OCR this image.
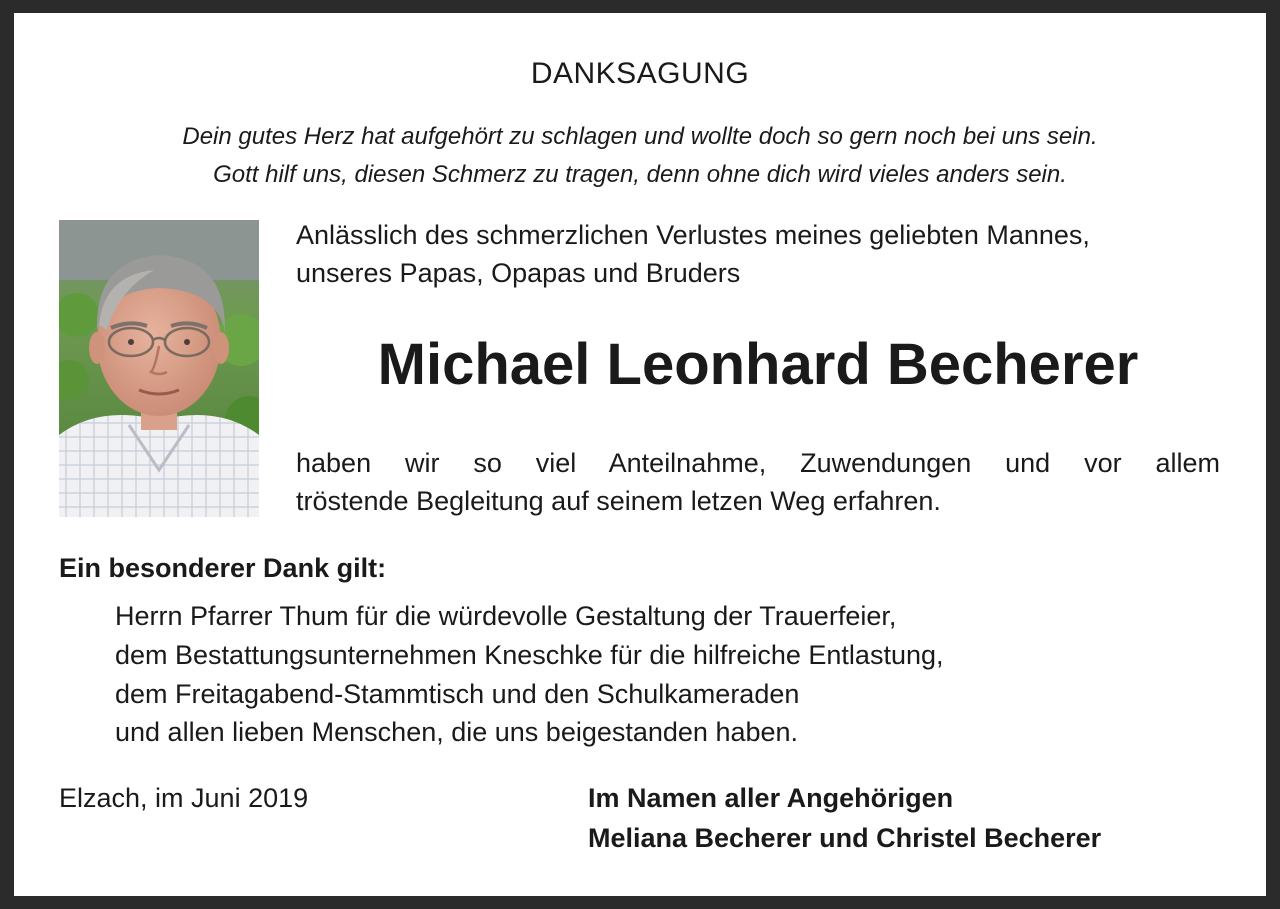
DANKSAGUNG
Dein gutes Herz hat aufgehört zu schlagen und wollte doch so gern noch bei uns sein.
Gott hilf uns, diesen Schmerz zu tragen, denn ohne dich wird vieles anders sein.
Anlässlich des schmerzlichen Verlustes meines geliebten Mannes,
unseres Papas, Opapas und Bruders
Michael Leonhard Becherer
haben wir so viel Anteilnahme, Zuwendungen und vor allem
tröstende Begleitung auf seinem letzen Weg erfahren.
Ein besonderer Dank gilt:
Herrn Pfarrer Thum für die würdevolle Gestaltung der Trauerfeier,
dem Bestattungsunternehmen Kneschke für die hilfreiche Entlastung,
dem Freitagabend-Stammtisch und den Schulkameraden
und allen lieben Menschen, die uns beigestanden haben.
Elzach, im Juni 2019	Im Namen aller Angehörigen
Meliana Becherer und Christel Becherer
